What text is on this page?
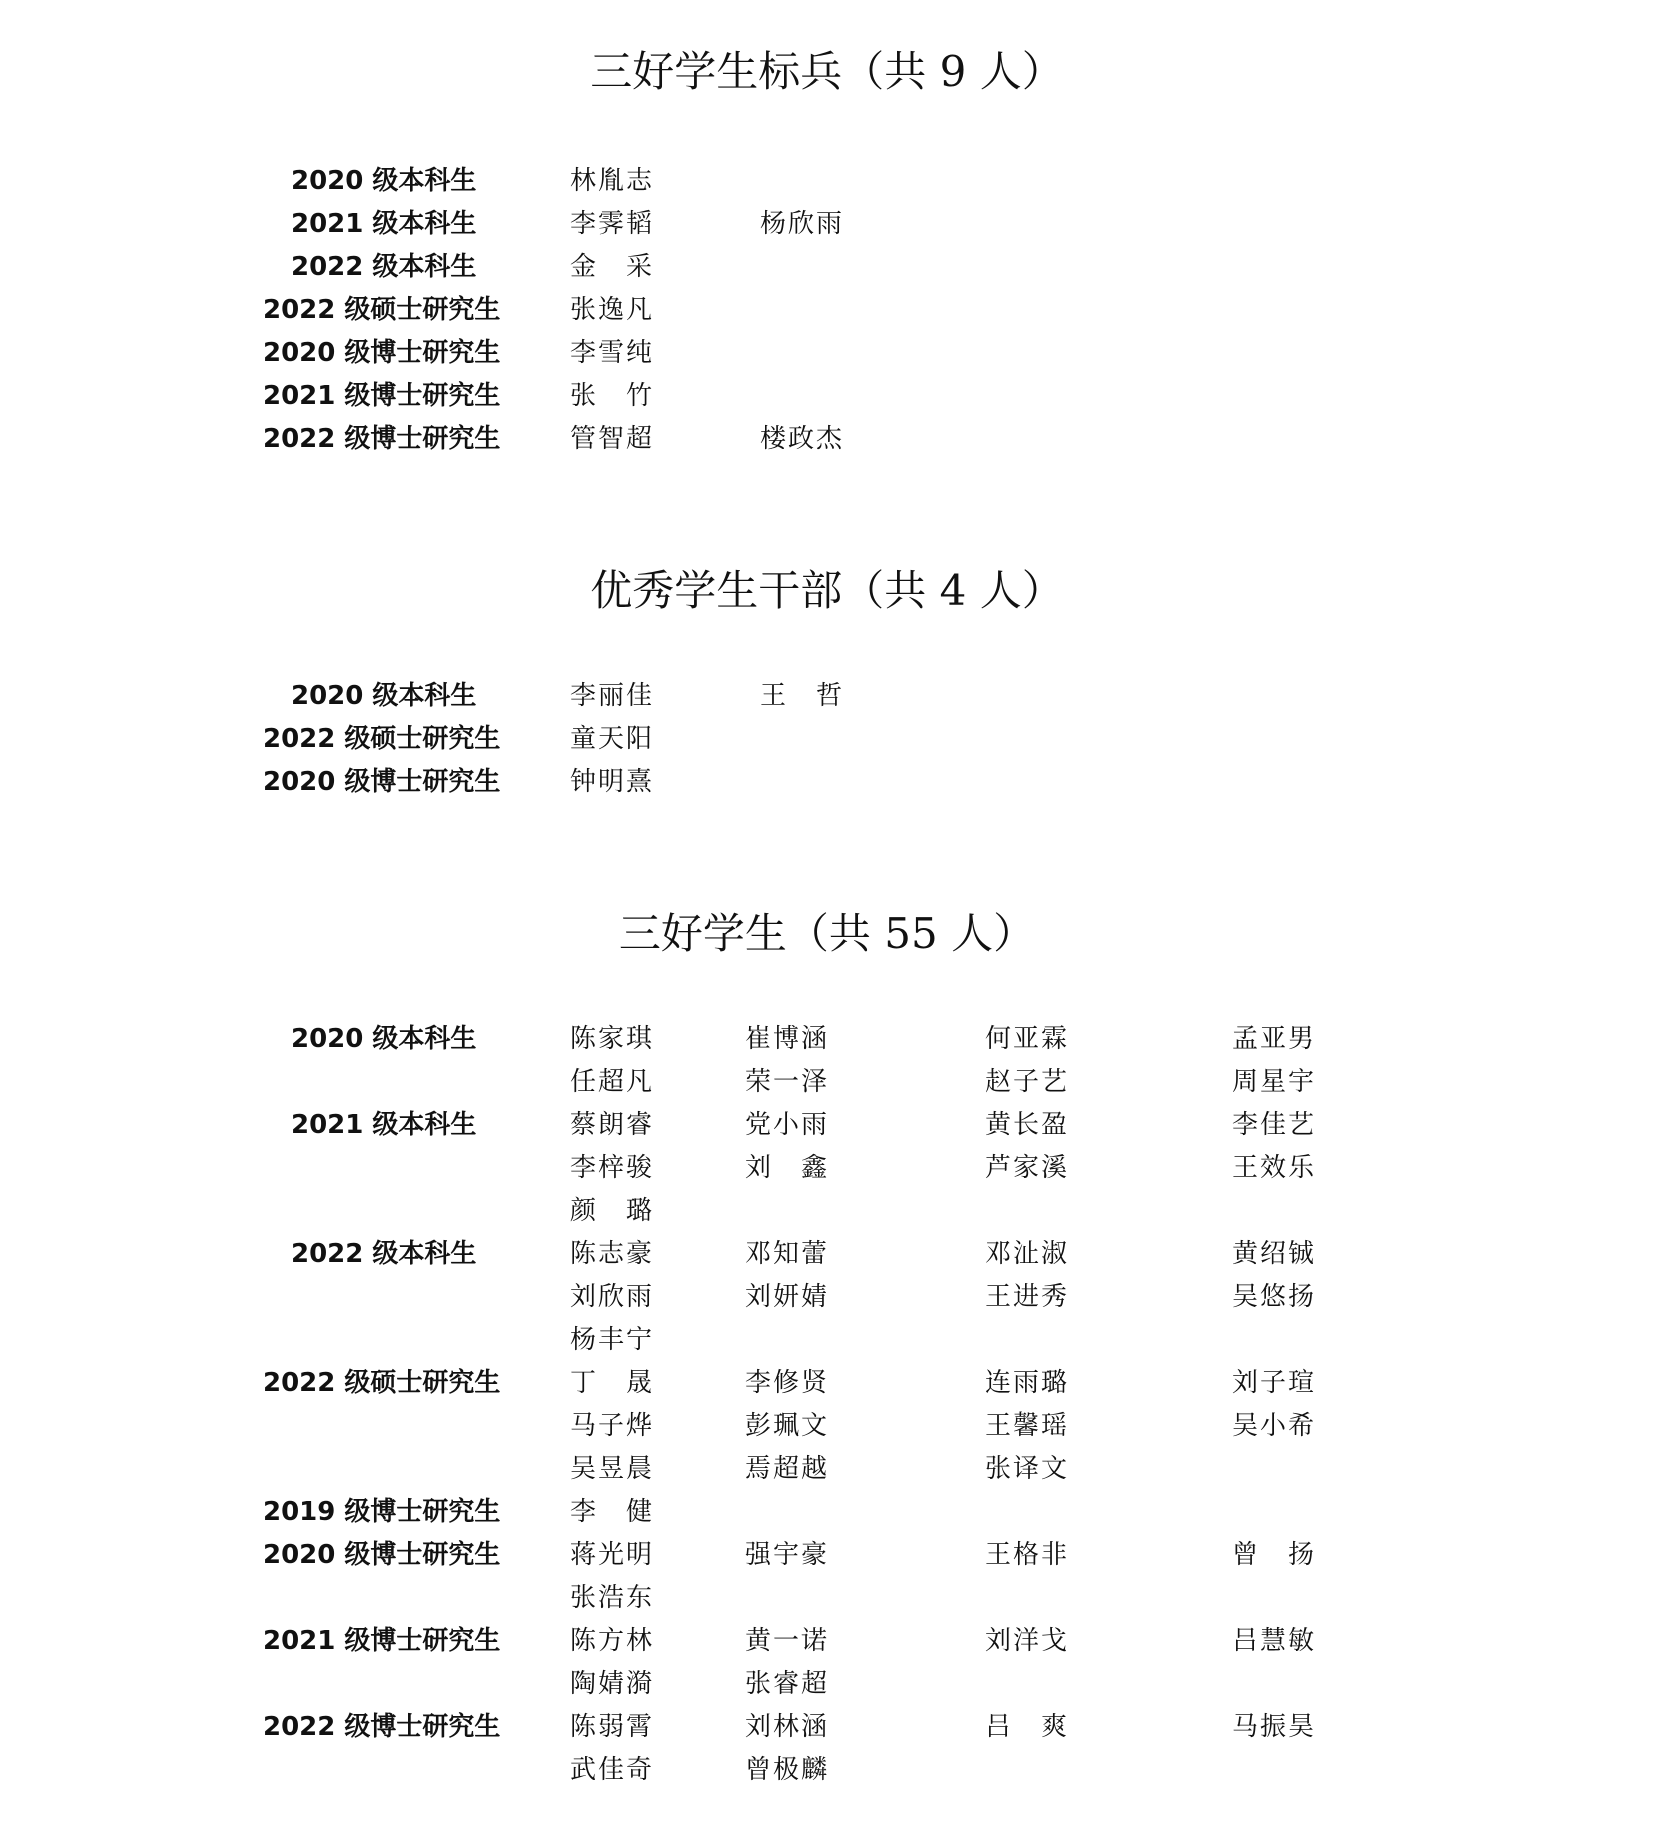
三好学生标兵（共 9 人）
2020 级本科生	林胤志
2021 级本科生	李霁韬	杨欣雨
2022 级本科生	金　采
2022 级硕士研究生	张逸凡
2020 级博士研究生	李雪纯
2021 级博士研究生	张　竹
2022 级博士研究生	管智超	楼政杰
优秀学生干部（共 4 人）
2020 级本科生	李丽佳	王　哲
2022 级硕士研究生	童天阳
2020 级博士研究生	钟明熹
三好学生（共 55 人）
2020 级本科生	陈家琪	崔博涵	何亚霖	孟亚男
任超凡	荣一泽	赵子艺	周星宇
2021 级本科生	蔡朗睿	党小雨	黄长盈	李佳艺
李梓骏	刘　鑫	芦家溪	王效乐
颜　璐
2022 级本科生	陈志豪	邓知蕾	邓沚淑	黄绍铖
刘欣雨	刘妍婧	王进秀	吴悠扬
杨丰宁
2022 级硕士研究生	丁　晟	李修贤	连雨璐	刘子瑄
马子烨	彭珮文	王馨瑶	吴小希
吴昱晨	焉超越	张译文
2019 级博士研究生	李　健
2020 级博士研究生	蒋光明	强宇豪	王格非	曾　扬
张浩东
2021 级博士研究生	陈方林	黄一诺	刘洋戈	吕慧敏
陶婧漪	张睿超
2022 级博士研究生	陈弱霄	刘林涵	吕　爽	马振昊
武佳奇	曾极麟
